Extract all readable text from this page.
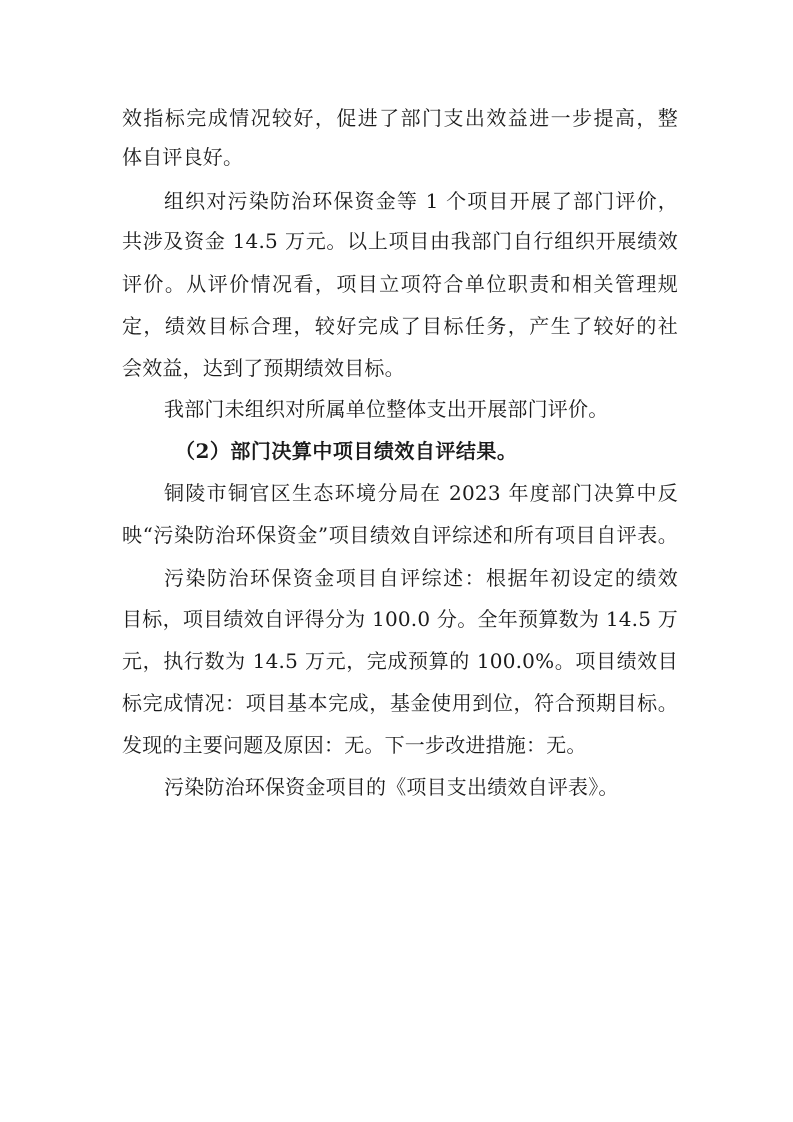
效指标完成情况较好，促进了部门支出效益进一步提高，整
体自评良好。
组织对污染防治环保资金等 1 个项目开展了部门评价，
共涉及资金 14.5 万元。以上项目由我部门自行组织开展绩效
评价。从评价情况看，项目立项符合单位职责和相关管理规
定，绩效目标合理，较好完成了目标任务，产生了较好的社
会效益，达到了预期绩效目标。
我部门未组织对所属单位整体支出开展部门评价。
（2）部门决算中项目绩效自评结果。
铜陵市铜官区生态环境分局在 2023 年度部门决算中反
映“污染防治环保资金”项目绩效自评综述和所有项目自评表。
污染防治环保资金项目自评综述：根据年初设定的绩效
目标，项目绩效自评得分为 100.0 分。全年预算数为 14.5 万
元，执行数为 14.5 万元，完成预算的 100.0%。项目绩效目
标完成情况：项目基本完成，基金使用到位，符合预期目标。
发现的主要问题及原因：无。下一步改进措施：无。
污染防治环保资金项目的《项目支出绩效自评表》。
